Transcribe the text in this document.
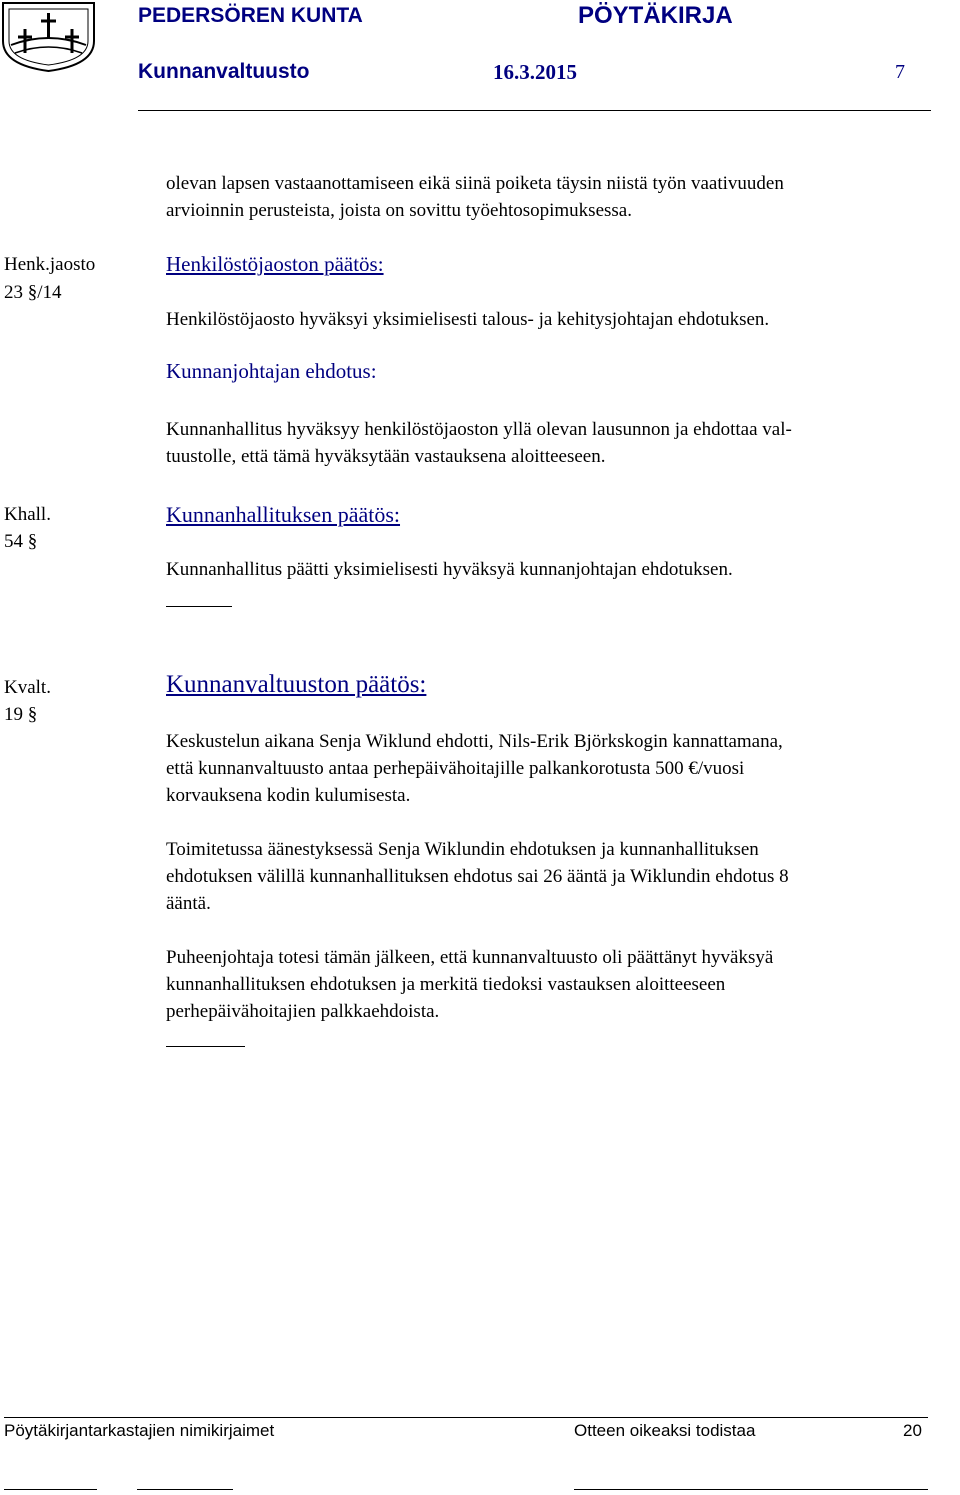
PEDERSÖREN KUNTA	PÖYTÄKIRJA
Kunnanvaltuusto	16.3.2015	7
olevan lapsen vastaanottamiseen eikä siinä poiketa täysin niistä työn vaativuuden
arvioinnin perusteista, joista on sovittu työehtosopimuksessa.
Henk.jaosto
23 §/14
Henkilöstöjaoston päätös:
Henkilöstöjaosto hyväksyi yksimielisesti talous- ja kehitysjohtajan ehdotuksen.
Kunnanjohtajan ehdotus:
Kunnanhallitus hyväksyy henkilöstöjaoston yllä olevan lausunnon ja ehdottaa val-
tuustolle, että tämä hyväksytään vastauksena aloitteeseen.
Khall.
54 §
Kunnanhallituksen päätös:
Kunnanhallitus päätti yksimielisesti hyväksyä kunnanjohtajan ehdotuksen.
Kvalt.
19 §
Kunnanvaltuuston päätös:
Keskustelun aikana Senja Wiklund ehdotti, Nils-Erik Björkskogin kannattamana,
että kunnanvaltuusto antaa perhepäivähoitajille palkankorotusta 500 €/vuosi
korvauksena kodin kulumisesta.
Toimitetussa äänestyksessä Senja Wiklundin ehdotuksen ja kunnanhallituksen
ehdotuksen välillä kunnanhallituksen ehdotus sai 26 ääntä ja Wiklundin ehdotus 8
ääntä.
Puheenjohtaja totesi tämän jälkeen, että kunnanvaltuusto oli päättänyt hyväksyä
kunnanhallituksen ehdotuksen ja merkitä tiedoksi vastauksen aloitteeseen
perhepäivähoitajien palkkaehdoista.
Pöytäkirjantarkastajien nimikirjaimet	Otteen oikeaksi todistaa	20
